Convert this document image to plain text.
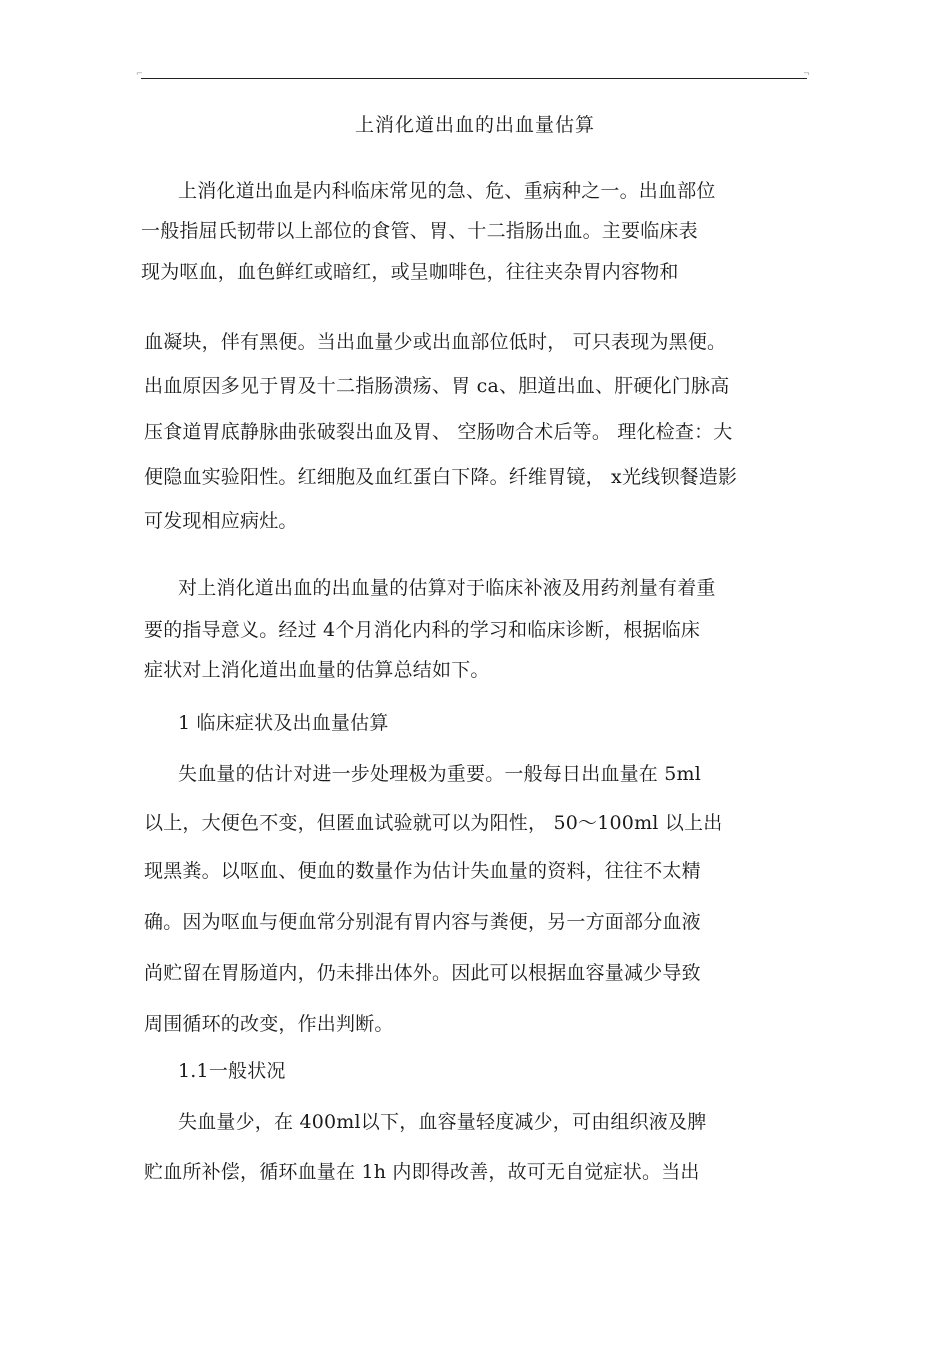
⌐	¬
上消化道出血的出血量估算
上消化道出血是内科临床常见的急、危、重病种之一。出血部位
一般指屈氏韧带以上部位的食管、胃、十二指肠出血。主要临床表
现为呕血，血色鲜红或暗红，或呈咖啡色，往往夹杂胃内容物和
血凝块，伴有黑便。当出血量少或出血部位低时， 可只表现为黑便。
出血原因多见于胃及十二指肠溃疡、胃 ca、胆道出血、肝硬化门脉高
压食道胃底静脉曲张破裂出血及胃、 空肠吻合术后等。 理化检查：大
便隐血实验阳性。红细胞及血红蛋白下降。纤维胃镜， x光线钡餐造影
可发现相应病灶。
对上消化道出血的出血量的估算对于临床补液及用药剂量有着重
要的指导意义。经过 4个月消化内科的学习和临床诊断，根据临床
症状对上消化道出血量的估算总结如下。
1 临床症状及出血量估算
失血量的估计对进一步处理极为重要。一般每日出血量在 5ml
以上，大便色不变，但匿血试验就可以为阳性， 50～100ml 以上出
现黑粪。以呕血、便血的数量作为估计失血量的资料，往往不太精
确。因为呕血与便血常分别混有胃内容与粪便，另一方面部分血液
尚贮留在胃肠道内，仍未排出体外。因此可以根据血容量减少导致
周围循环的改变，作出判断。
1.1一般状况
失血量少，在 400ml以下，血容量轻度减少，可由组织液及脾
贮血所补偿，循环血量在 1h 内即得改善，故可无自觉症状。当出
